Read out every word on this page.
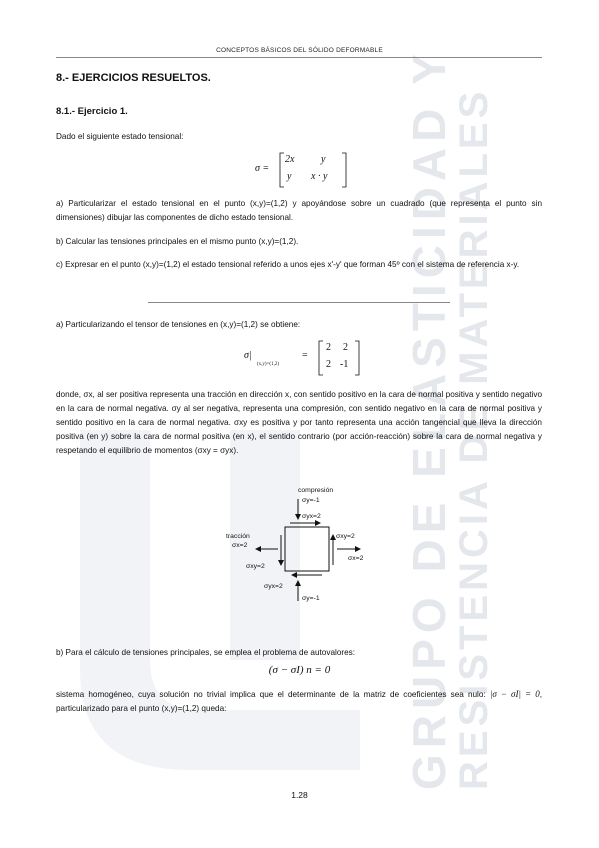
GRUPO DE ELASTICIDAD Y
RESISTENCIA DE MATERIALES
CONCEPTOS BÁSICOS DEL SÓLIDO DEFORMABLE
8.- EJERCICIOS RESUELTOS.
8.1.- Ejercicio 1.
Dado el siguiente estado tensional:
σ =
2x	y
y x · y
a) Particularizar el estado tensional en el punto (x,y)=(1,2) y apoyándose sobre un cuadrado (que representa el punto sin dimensiones) dibujar las componentes de dicho estado tensional.
b) Calcular las tensiones principales en el mismo punto (x,y)=(1,2).
c) Expresar en el punto (x,y)=(1,2) el estado tensional referido a unos ejes x'-y' que forman 45º con el sistema de referencia x-y.
a) Particularizando el tensor de tensiones en (x,y)=(1,2) se obtiene:
σ|
(x,y)=(1,2)
=
2 2
2 -1
donde, σx, al ser positiva representa una tracción en dirección x, con sentido positivo en la cara de normal positiva y sentido negativo en la cara de normal negativa. σy al ser negativa, representa una compresión, con sentido negativo en la cara de normal positiva y sentido positivo en la cara de normal negativa. σxy es positiva y por tanto representa una acción tangencial que lleva la dirección positiva (en y) sobre la cara de normal positiva (en x), el sentido contrario (por acción-reacción) sobre la cara de normal negativa y respetando el equilibrio de momentos (σxy = σyx).
compresión
σy=-1
σyx=2
tracción
σx=2
σxy=2
σx=2
σxy=2
σyx=2
σy=-1
b) Para el cálculo de tensiones principales, se emplea el problema de autovalores:
(σ − σI) n = 0
sistema homogéneo, cuya solución no trivial implica que el determinante de la matriz de coeficientes sea nulo: |σ − σI| = 0, particularizado para el punto (x,y)=(1,2) queda:
1.28
